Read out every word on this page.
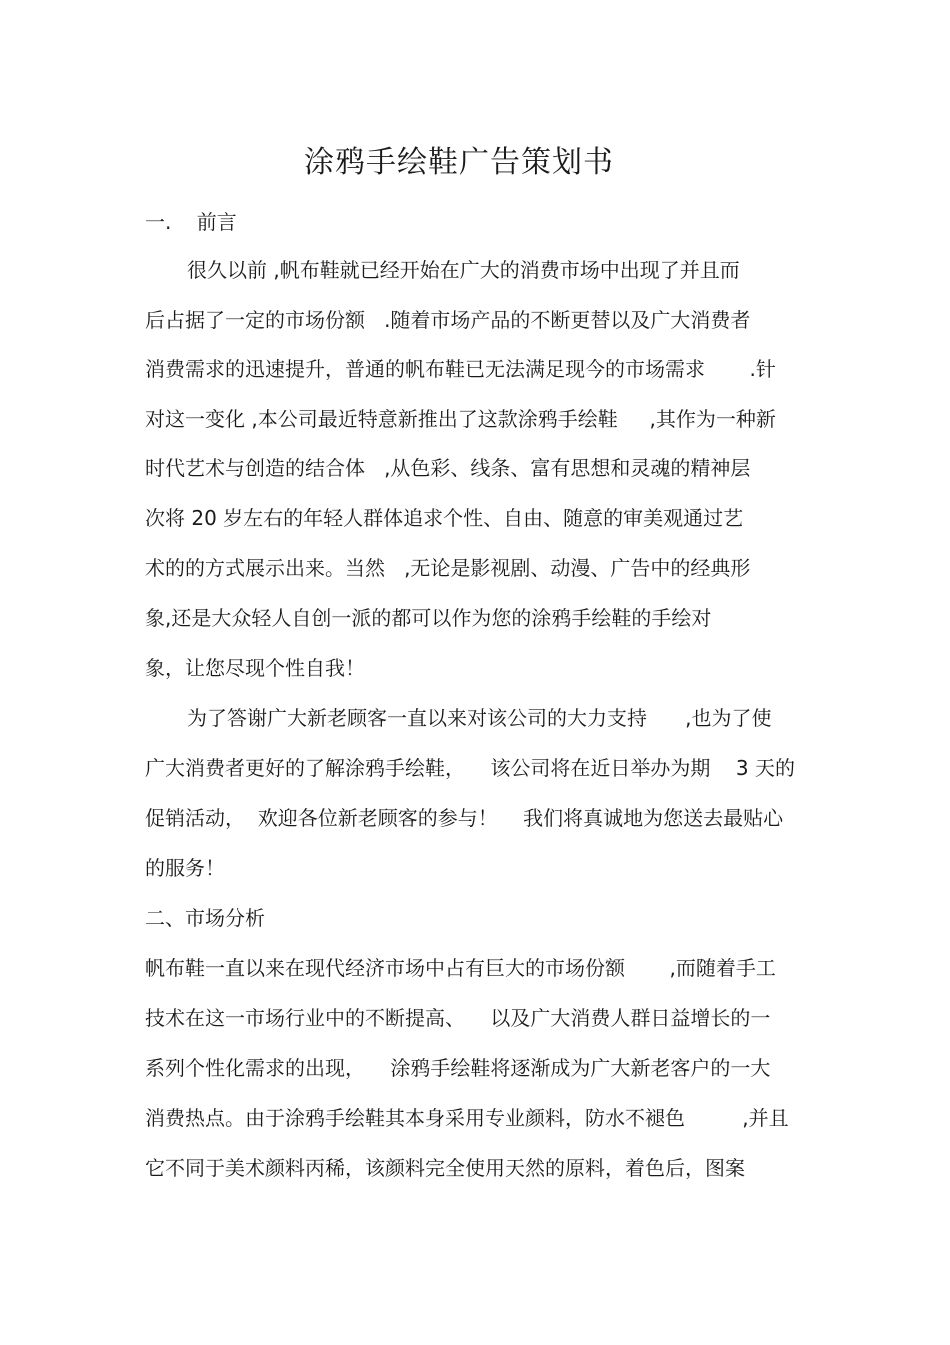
涂鸦手绘鞋广告策划书
一.    前言
很久以前 ,帆布鞋就已经开始在广大的消费市场中出现了并且而
后占据了一定的市场份额   .随着市场产品的不断更替以及广大消费者
消费需求的迅速提升，普通的帆布鞋已无法满足现今的市场需求       .针
对这一变化 ,本公司最近特意新推出了这款涂鸦手绘鞋     ,其作为一种新
时代艺术与创造的结合体   ,从色彩、线条、富有思想和灵魂的精神层
次将 20 岁左右的年轻人群体追求个性、自由、随意的审美观通过艺
术的的方式展示出来。当然   ,无论是影视剧、动漫、广告中的经典形
象,还是大众轻人自创一派的都可以作为您的涂鸦手绘鞋的手绘对
象，让您尽现个性自我！
为了答谢广大新老顾客一直以来对该公司的大力支持      ,也为了使
广大消费者更好的了解涂鸦手绘鞋，    该公司将在近日举办为期    3 天的
促销活动，  欢迎各位新老顾客的参与！    我们将真诚地为您送去最贴心
的服务！
二、市场分析
帆布鞋一直以来在现代经济市场中占有巨大的市场份额       ,而随着手工
技术在这一市场行业中的不断提高、    以及广大消费人群日益增长的一
系列个性化需求的出现，    涂鸦手绘鞋将逐渐成为广大新老客户的一大
消费热点。由于涂鸦手绘鞋其本身采用专业颜料，防水不褪色         ,并且
它不同于美术颜料丙稀，该颜料完全使用天然的原料，着色后，图案
